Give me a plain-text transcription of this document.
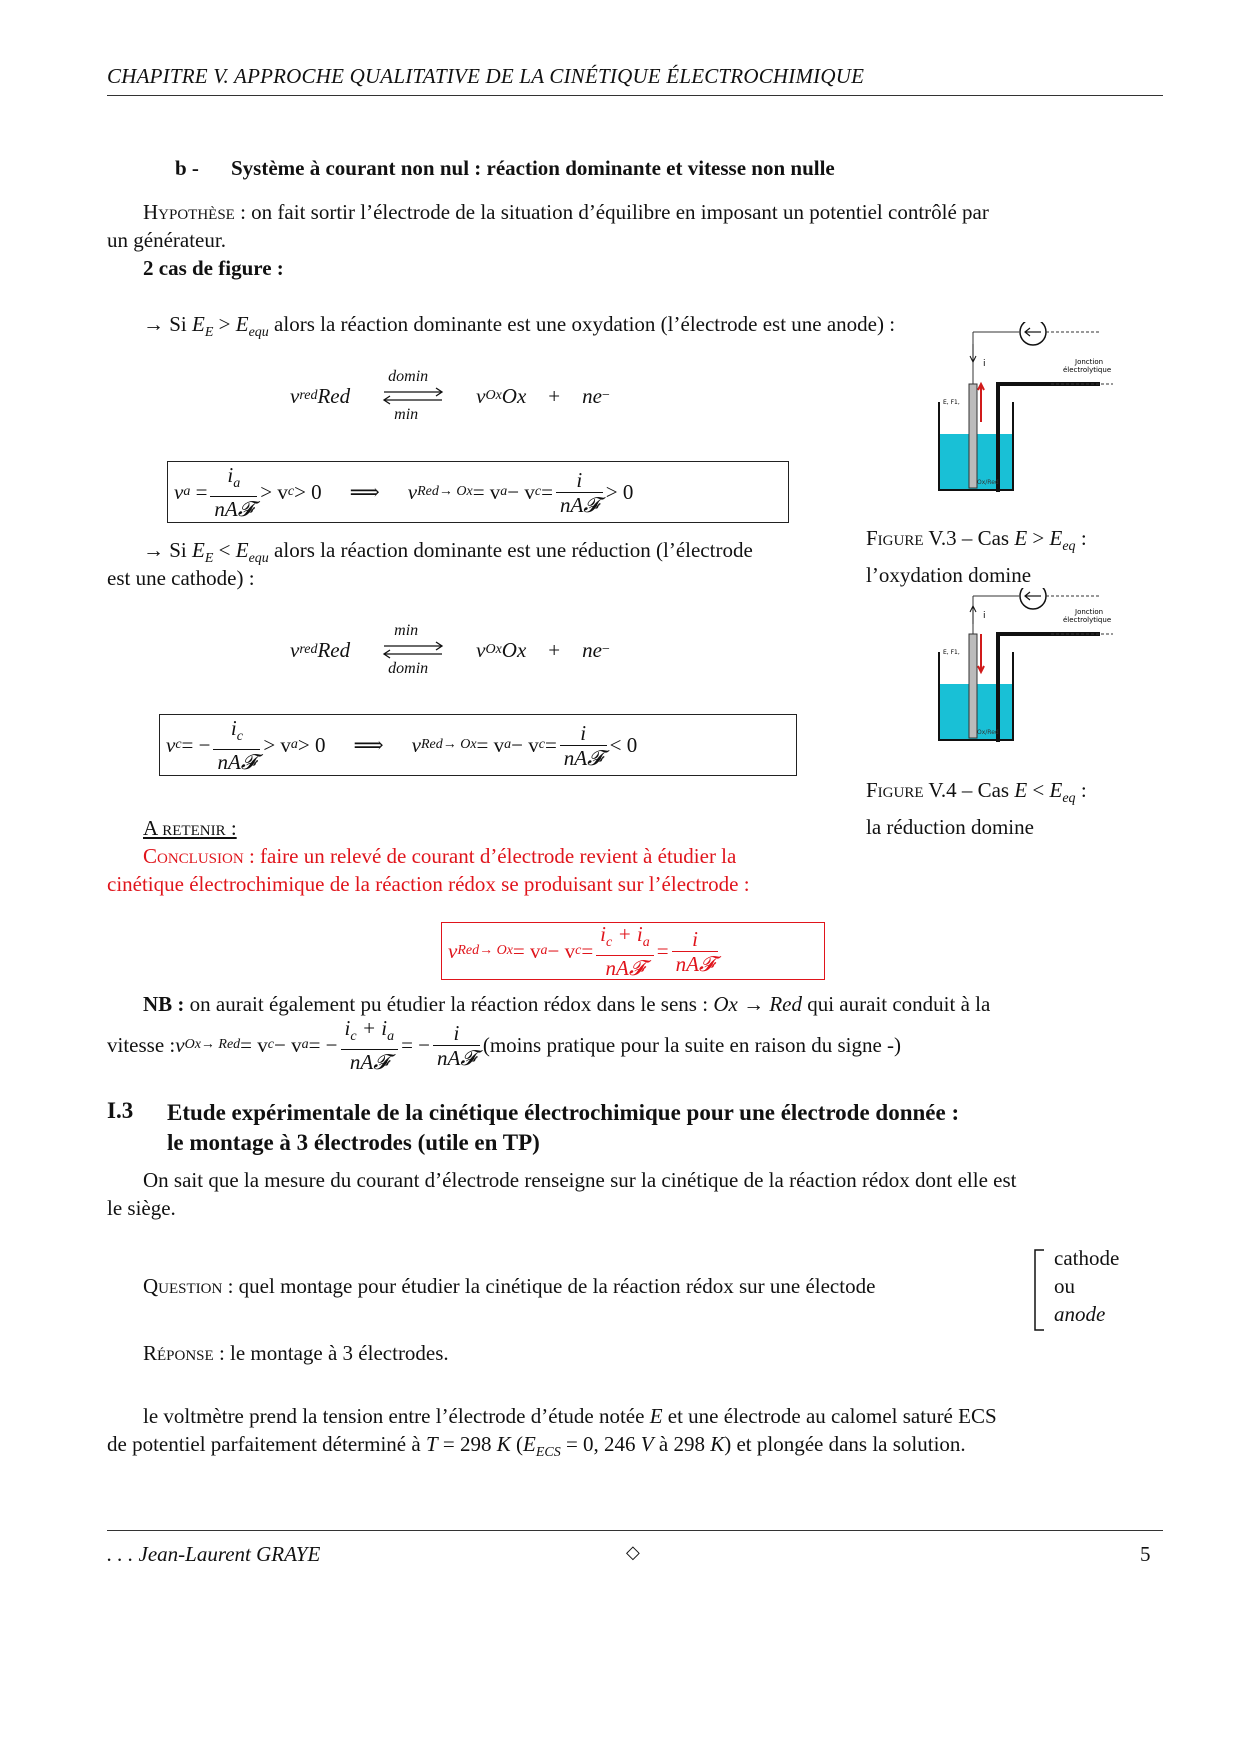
CHAPITRE V. APPROCHE QUALITATIVE DE LA CINÉTIQUE ÉLECTROCHIMIQUE
b - Système à courant non nul : réaction dominante et vitesse non nulle
Hypothèse : on fait sortir l’électrode de la situation d’équilibre en imposant un potentiel contrôlé par
un générateur.
2 cas de figure :
→ Si $E_E > E_{equ}$ alors la réaction dominante est une oxydation (l’électrode est une anode) :
ν red Red
domin
min
ν Ox Ox + ne −
v $a = \frac{i_a}{\text{nA𝓕}} > v$ c > 0 ⟹ v Red→ Ox = v a − v $c = \frac{i}{\text{nA𝓕}} > 0$
→ Si $E_E < E_{equ}$ alors la réaction dominante est une réduction (l’électrode
est une cathode) :
ν red Red
min
domin
ν Ox Ox + ne −
v c = − $\frac{i_c}{\text{nA𝓕}} > v$ a > 0 ⟹ v Red→ Ox = v a − v $c = \frac{i}{\text{nA𝓕}} < 0$
i	Jonction
électrolytique
E, F1,
Ox/Red
Figure V.3 – Cas $E > E_{eq}$ :
l’oxydation domine
i	Jonction
électrolytique
E, F1,
Ox/Red
Figure V.4 – Cas $E < E_{eq}$ :
la réduction domine
A retenir :
Conclusion : faire un relevé de courant d’électrode revient à étudier la
cinétique électrochimique de la réaction rédox se produisant sur l’électrode :
v Red→ Ox = v a − v $c = \frac{i_c + i_a}{\text{nA𝓕}} = \frac{i}{\text{nA𝓕}}$
NB : on aurait également pu étudier la réaction rédox dans le sens : Ox → Red qui aurait conduit à la
vitesse : v Ox→ Red = v c − v a = − $\frac{i_c + i_a}{\text{nA𝓕}}$ = − $\frac{i}{\text{nA𝓕}}$ (moins pratique pour la suite en raison du signe -)
I.3 Etude expérimentale de la cinétique électrochimique pour une électrode donnée :
le montage à 3 électrodes (utile en TP)
On sait que la mesure du courant d’électrode renseigne sur la cinétique de la réaction rédox dont elle est
le siège.
Question : quel montage pour étudier la cinétique de la réaction rédox sur une électode
cathode
ou
anode
Réponse : le montage à 3 électrodes.
le voltmètre prend la tension entre l’électrode d’étude notée E et une électrode au calomel saturé ECS
de potentiel parfaitement déterminé à T = 298 K ($E_{ECS} = 0$, 246 V à 298 K) et plongée dans la solution.
. . . Jean-Laurent GRAYE	◇	5
